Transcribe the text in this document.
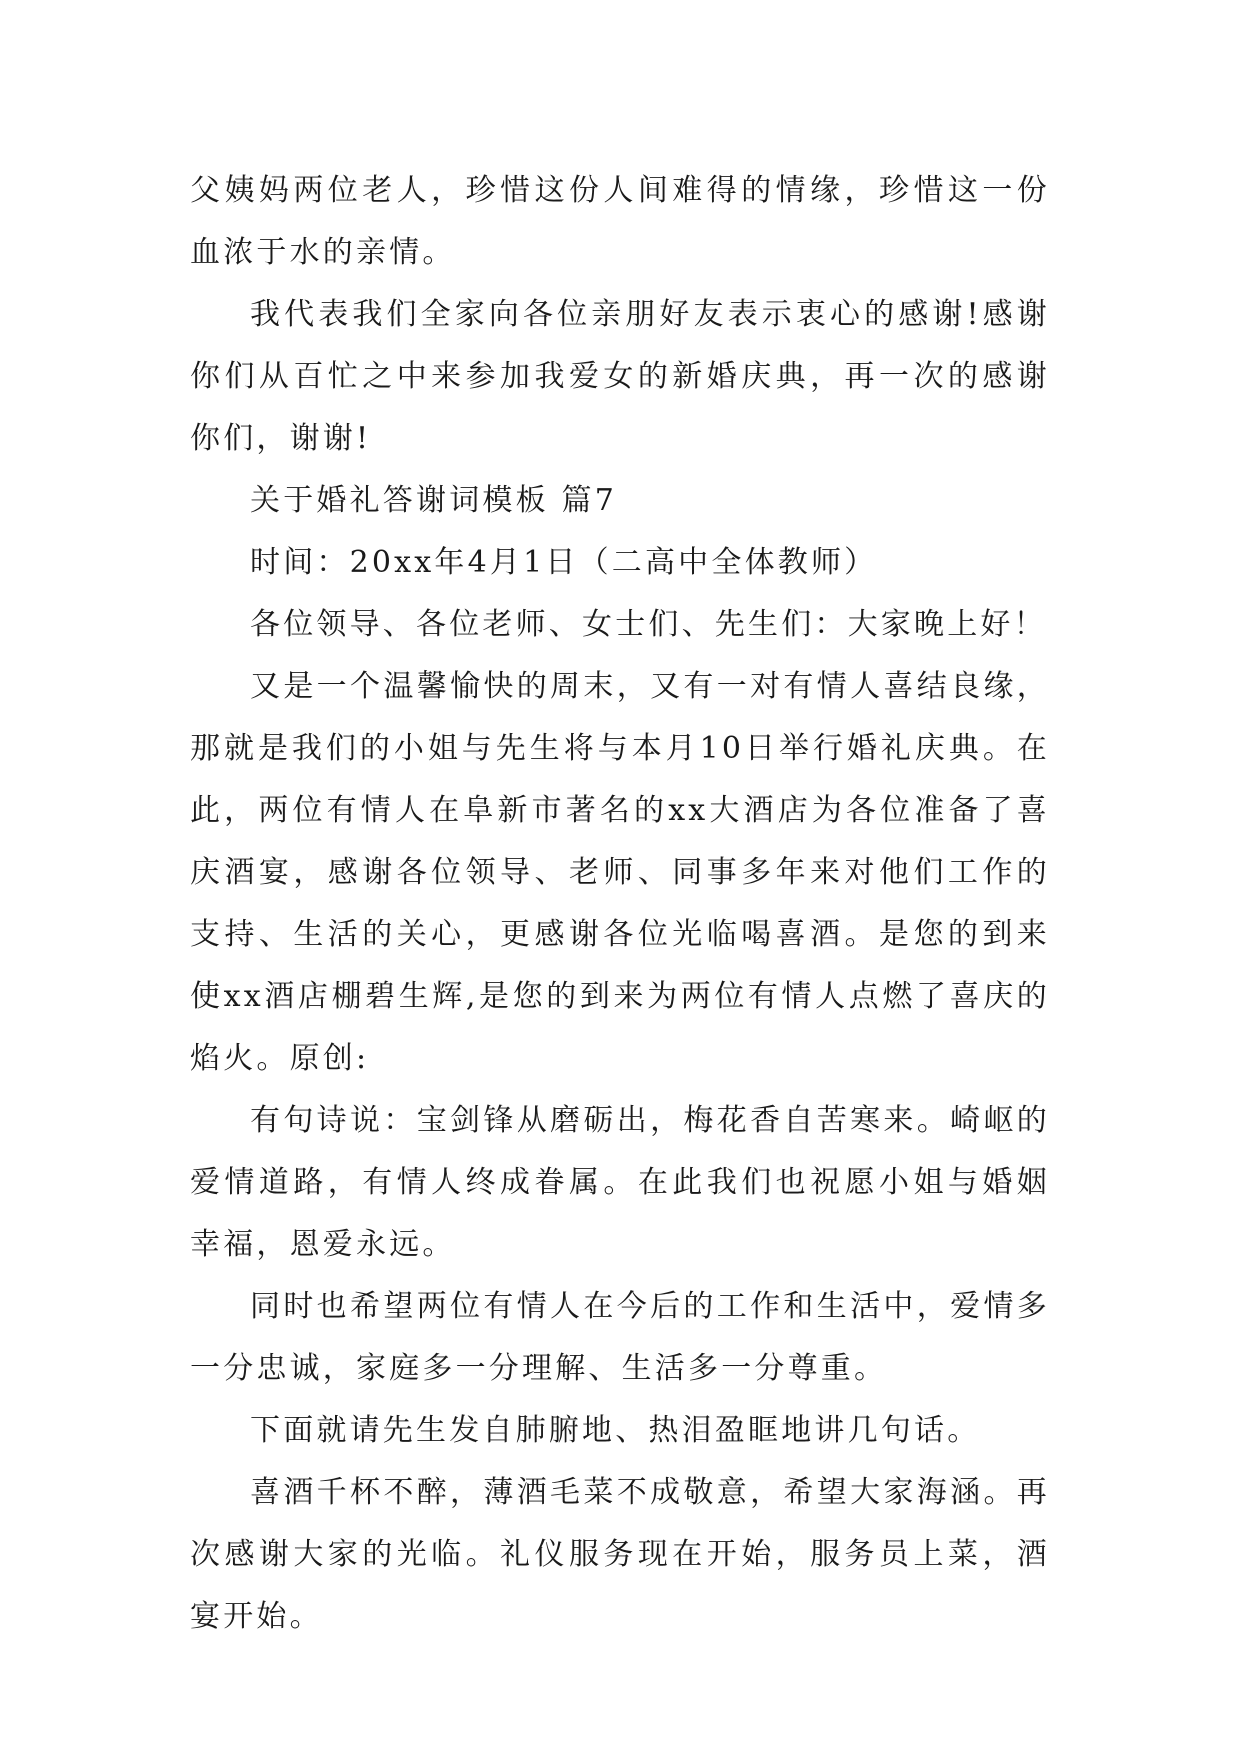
父姨妈两位老人，珍惜这份人间难得的情缘，珍惜这一份血浓于水的亲情。

我代表我们全家向各位亲朋好友表示衷心的感谢!感谢你们从百忙之中来参加我爱女的新婚庆典，再一次的感谢你们，谢谢!

关于婚礼答谢词模板 篇7

时间：20xx年4月1日（二高中全体教师）

各位领导、各位老师、女士们、先生们：大家晚上好！

又是一个温馨愉快的周末，又有一对有情人喜结良缘，那就是我们的小姐与先生将与本月10日举行婚礼庆典。在此，两位有情人在阜新市著名的xx大酒店为各位准备了喜庆酒宴，感谢各位领导、老师、同事多年来对他们工作的支持、生活的关心，更感谢各位光临喝喜酒。是您的到来使xx酒店棚碧生辉,是您的到来为两位有情人点燃了喜庆的焰火。原创:

有句诗说：宝剑锋从磨砺出，梅花香自苦寒来。崎岖的爱情道路，有情人终成眷属。在此我们也祝愿小姐与婚姻幸福，恩爱永远。

同时也希望两位有情人在今后的工作和生活中，爱情多一分忠诚，家庭多一分理解、生活多一分尊重。

下面就请先生发自肺腑地、热泪盈眶地讲几句话。

喜酒千杯不醉，薄酒毛菜不成敬意，希望大家海涵。再次感谢大家的光临。礼仪服务现在开始，服务员上菜，酒宴开始。
